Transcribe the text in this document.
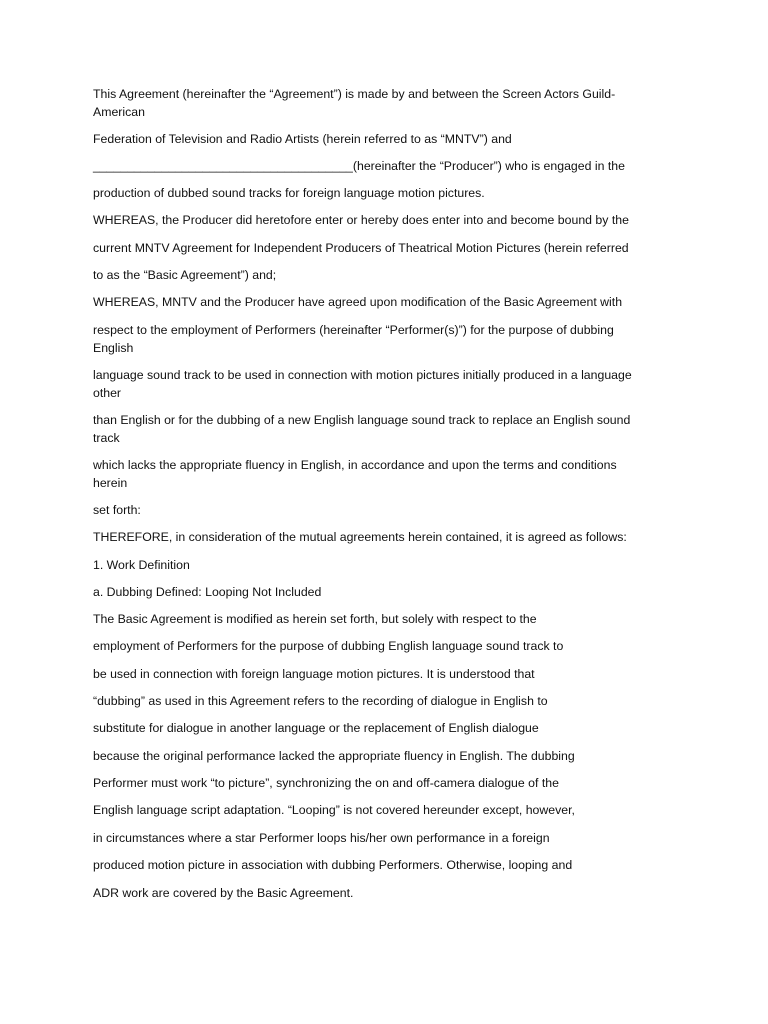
This Agreement (hereinafter the “Agreement”) is made by and between the Screen Actors Guild-

American

Federation of Television and Radio Artists (herein referred to as “MNTV”) and

______________________________________(hereinafter the “Producer”) who is engaged in the

production of dubbed sound tracks for foreign language motion pictures.

WHEREAS, the Producer did heretofore enter or hereby does enter into and become bound by the

current MNTV Agreement for Independent Producers of Theatrical Motion Pictures (herein referred

to as the “Basic Agreement”) and;

WHEREAS, MNTV and the Producer have agreed upon modification of the Basic Agreement with

respect to the employment of Performers (hereinafter “Performer(s)”) for the purpose of dubbing

English

language sound track to be used in connection with motion pictures initially produced in a language

other

than English or for the dubbing of a new English language sound track to replace an English sound

track

which lacks the appropriate fluency in English, in accordance and upon the terms and conditions

herein

set forth:

THEREFORE, in consideration of the mutual agreements herein contained, it is agreed as follows:

1. Work Definition

a. Dubbing Defined: Looping Not Included

The Basic Agreement is modified as herein set forth, but solely with respect to the

employment of Performers for the purpose of dubbing English language sound track to

be used in connection with foreign language motion pictures. It is understood that

“dubbing” as used in this Agreement refers to the recording of dialogue in English to

substitute for dialogue in another language or the replacement of English dialogue

because the original performance lacked the appropriate fluency in English. The dubbing

Performer must work “to picture”, synchronizing the on and off-camera dialogue of the

English language script adaptation. “Looping” is not covered hereunder except, however,

in circumstances where a star Performer loops his/her own performance in a foreign

produced motion picture in association with dubbing Performers. Otherwise, looping and

ADR work are covered by the Basic Agreement.
